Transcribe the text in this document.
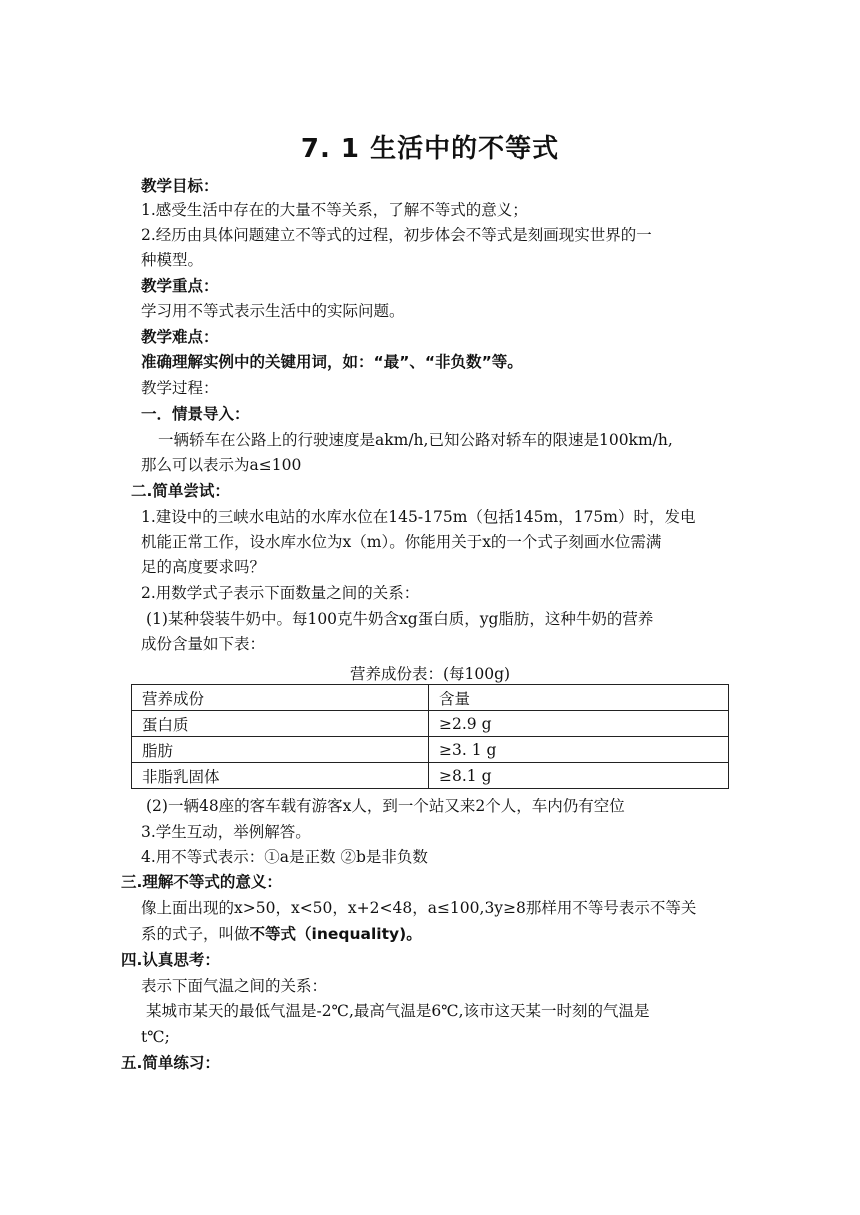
7. 1 生活中的不等式
教学目标：
1.感受生活中存在的大量不等关系，了解不等式的意义；
2.经历由具体问题建立不等式的过程，初步体会不等式是刻画现实世界的一
种模型。
教学重点：
学习用不等式表示生活中的实际问题。
教学难点：
准确理解实例中的关键用词，如：“最”、“非负数”等。
教学过程：
一．情景导入：
一辆轿车在公路上的行驶速度是akm/h,已知公路对轿车的限速是100km/h,
那么可以表示为a≤100
二.简单尝试：
1.建设中的三峡水电站的水库水位在145-175m（包括145m，175m）时，发电
机能正常工作，设水库水位为x（m）。你能用关于x的一个式子刻画水位需满
足的高度要求吗？
2.用数学式子表示下面数量之间的关系：
(1)某种袋装牛奶中。每100克牛奶含xg蛋白质，yg脂肪，这种牛奶的营养
成份含量如下表：
营养成份表：(每100g)
营养成份	含量
蛋白质	≥2.9 g
脂肪	≥3. 1 g
非脂乳固体	≥8.1 g
(2)一辆48座的客车载有游客x人，到一个站又来2个人，车内仍有空位
3.学生互动，举例解答。
4.用不等式表示：①a是正数 ②b是非负数
三.理解不等式的意义：
像上面出现的x>50，x<50，x+2<48，a≤100,3y≥8那样用不等号表示不等关
系的式子，叫做不等式（inequality)。
四.认真思考：
表示下面气温之间的关系：
某城市某天的最低气温是-2℃,最高气温是6℃,该市这天某一时刻的气温是
t℃;
五.简单练习：
